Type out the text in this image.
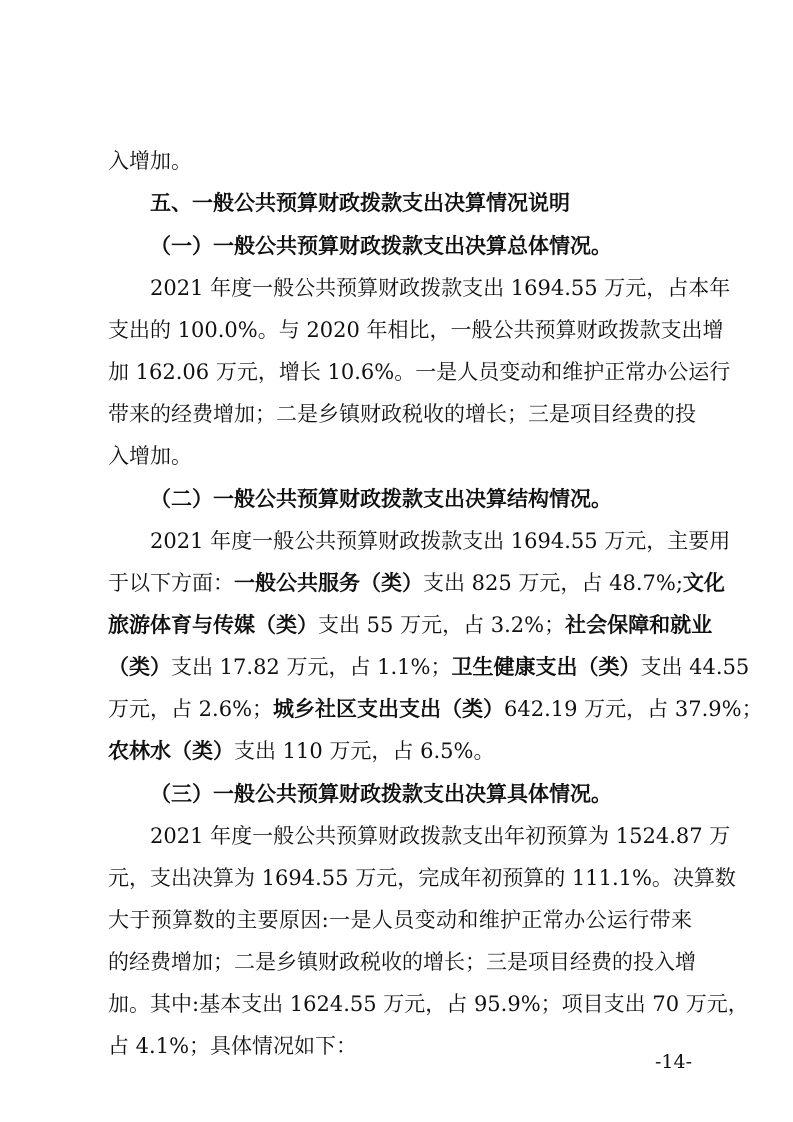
入增加。
五、一般公共预算财政拨款支出决算情况说明
（一）一般公共预算财政拨款支出决算总体情况。
2021 年度一般公共预算财政拨款支出 1694.55 万元，占本年
支出的 100.0%。与 2020 年相比，一般公共预算财政拨款支出增
加 162.06 万元，增长 10.6%。一是人员变动和维护正常办公运行
带来的经费增加；二是乡镇财政税收的增长；三是项目经费的投
入增加。
（二）一般公共预算财政拨款支出决算结构情况。
2021 年度一般公共预算财政拨款支出 1694.55 万元，主要用
于以下方面：一般公共服务（类）支出 825 万元，占 48.7%;文化
旅游体育与传媒（类）支出 55 万元，占 3.2%；社会保障和就业
（类）支出 17.82 万元，占 1.1%；卫生健康支出（类）支出 44.55
万元，占 2.6%；城乡社区支出支出（类）642.19 万元，占 37.9%；
农林水（类）支出 110 万元，占 6.5%。
（三）一般公共预算财政拨款支出决算具体情况。
2021 年度一般公共预算财政拨款支出年初预算为 1524.87 万
元，支出决算为 1694.55 万元，完成年初预算的 111.1%。决算数
大于预算数的主要原因:一是人员变动和维护正常办公运行带来
的经费增加；二是乡镇财政税收的增长；三是项目经费的投入增
加。其中:基本支出 1624.55 万元，占 95.9%；项目支出 70 万元，
占 4.1%；具体情况如下：
-14-
